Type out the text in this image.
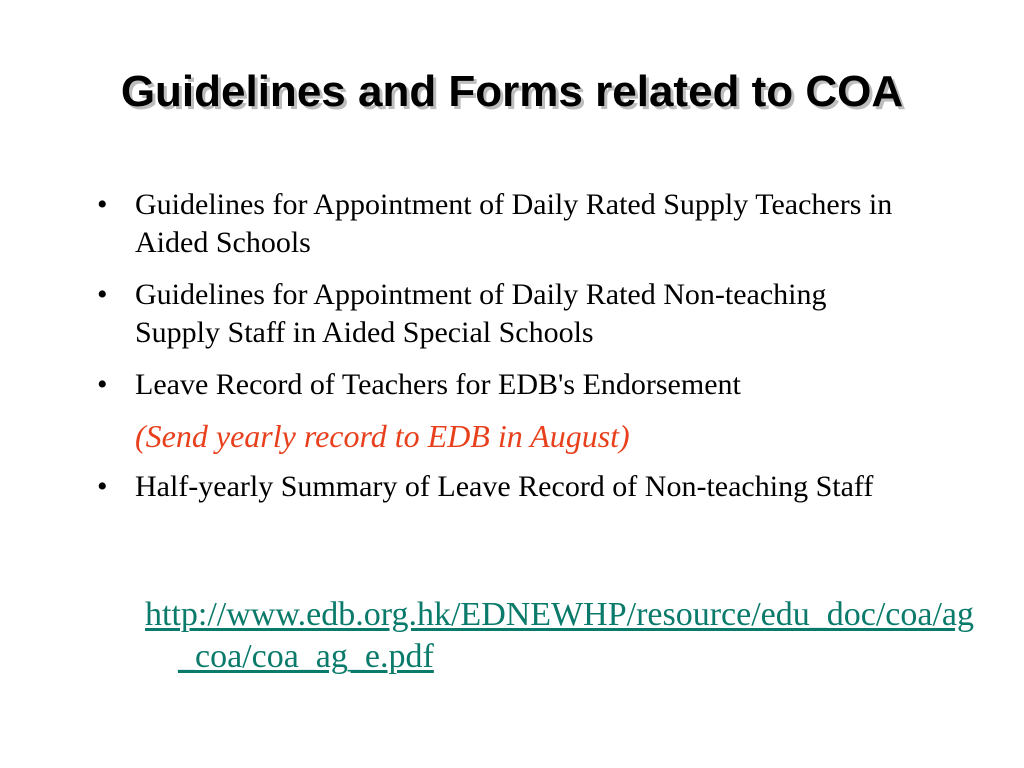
Guidelines and Forms related to COA
• Guidelines for Appointment of Daily Rated Supply Teachers in Aided Schools
• Guidelines for Appointment of Daily Rated Non-teaching Supply Staff in Aided Special Schools
• Leave Record of Teachers for EDB's Endorsement
(Send yearly record to EDB in August)
• Half-yearly Summary of Leave Record of Non-teaching Staff
http://www.edb.org.hk/EDNEWHP/resource/edu_doc/coa/ag_coa/coa_ag_e.pdf
